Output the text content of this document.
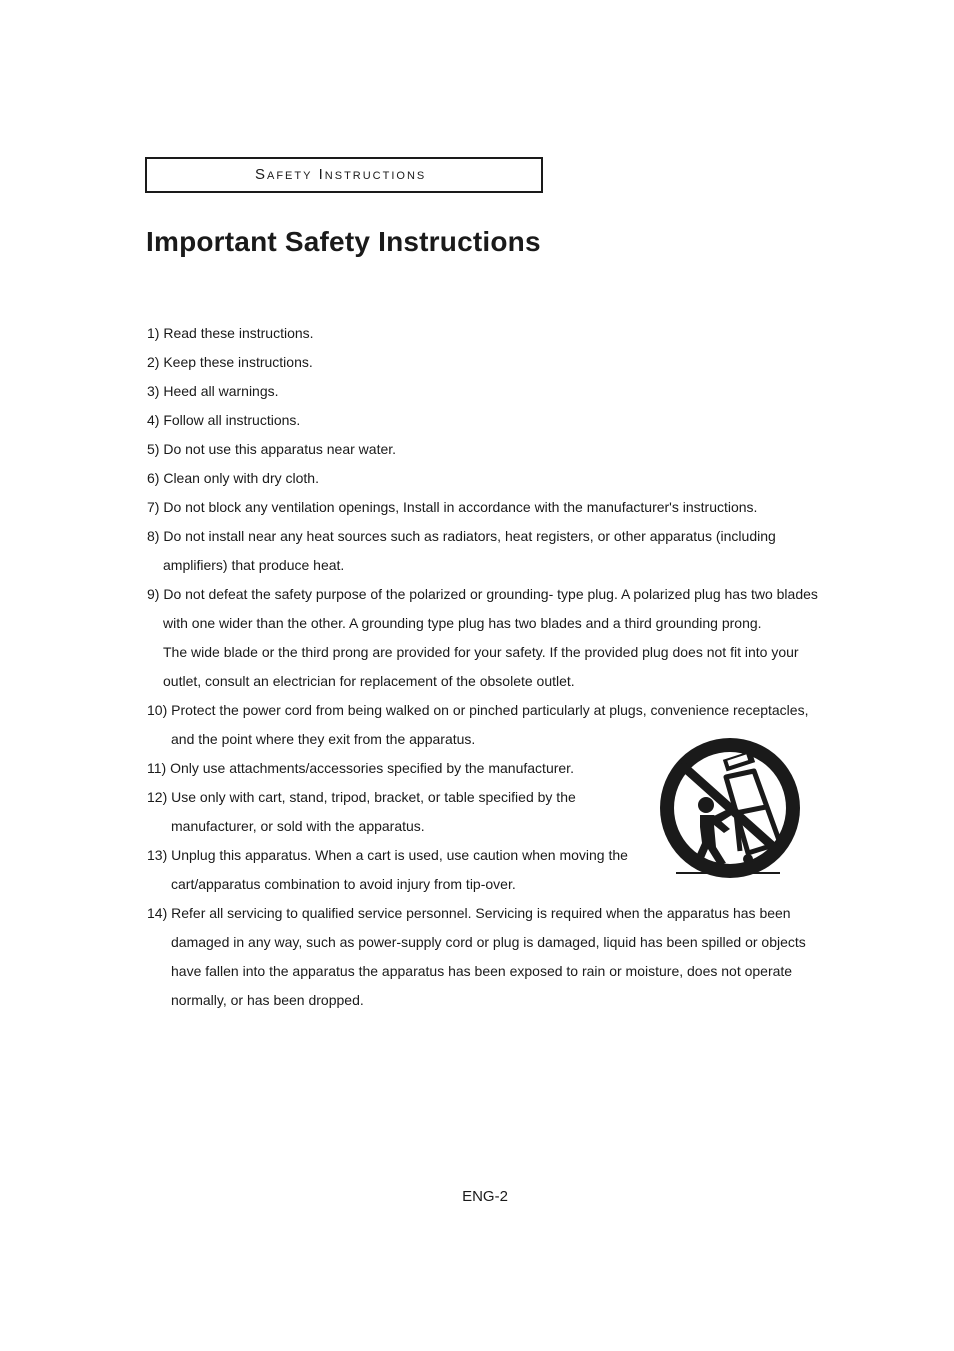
Safety Instructions
Important Safety Instructions
1) Read these instructions.
2) Keep these instructions.
3) Heed all warnings.
4) Follow all instructions.
5) Do not use this apparatus near water.
6) Clean only with dry cloth.
7) Do not block any ventilation openings, Install in accordance with the manufacturer's instructions.
8) Do not install near any heat sources such as radiators, heat registers, or other apparatus (including
amplifiers) that produce heat.
9) Do not defeat the safety purpose of the polarized or grounding- type plug. A polarized plug has two blades
with one wider than the other. A grounding type plug has two blades and a third grounding prong.
The wide blade or the third prong are provided for your safety. If the provided plug does not fit into your
outlet, consult an electrician for replacement of the obsolete outlet.
10) Protect the power cord from being walked on or pinched particularly at plugs, convenience receptacles,
and the point where they exit from the apparatus.
11) Only use attachments/accessories specified by the manufacturer.
12) Use only with cart, stand, tripod, bracket, or table specified by the
manufacturer, or sold with the apparatus.
13) Unplug this apparatus. When a cart is used, use caution when moving the
cart/apparatus combination to avoid injury from tip-over.
14) Refer all servicing to qualified service personnel. Servicing is required when the apparatus has been
damaged in any way, such as power-supply cord or plug is damaged, liquid has been spilled or objects
have fallen into the apparatus the apparatus has been exposed to rain or moisture, does not operate
normally, or has been dropped.
ENG-2
